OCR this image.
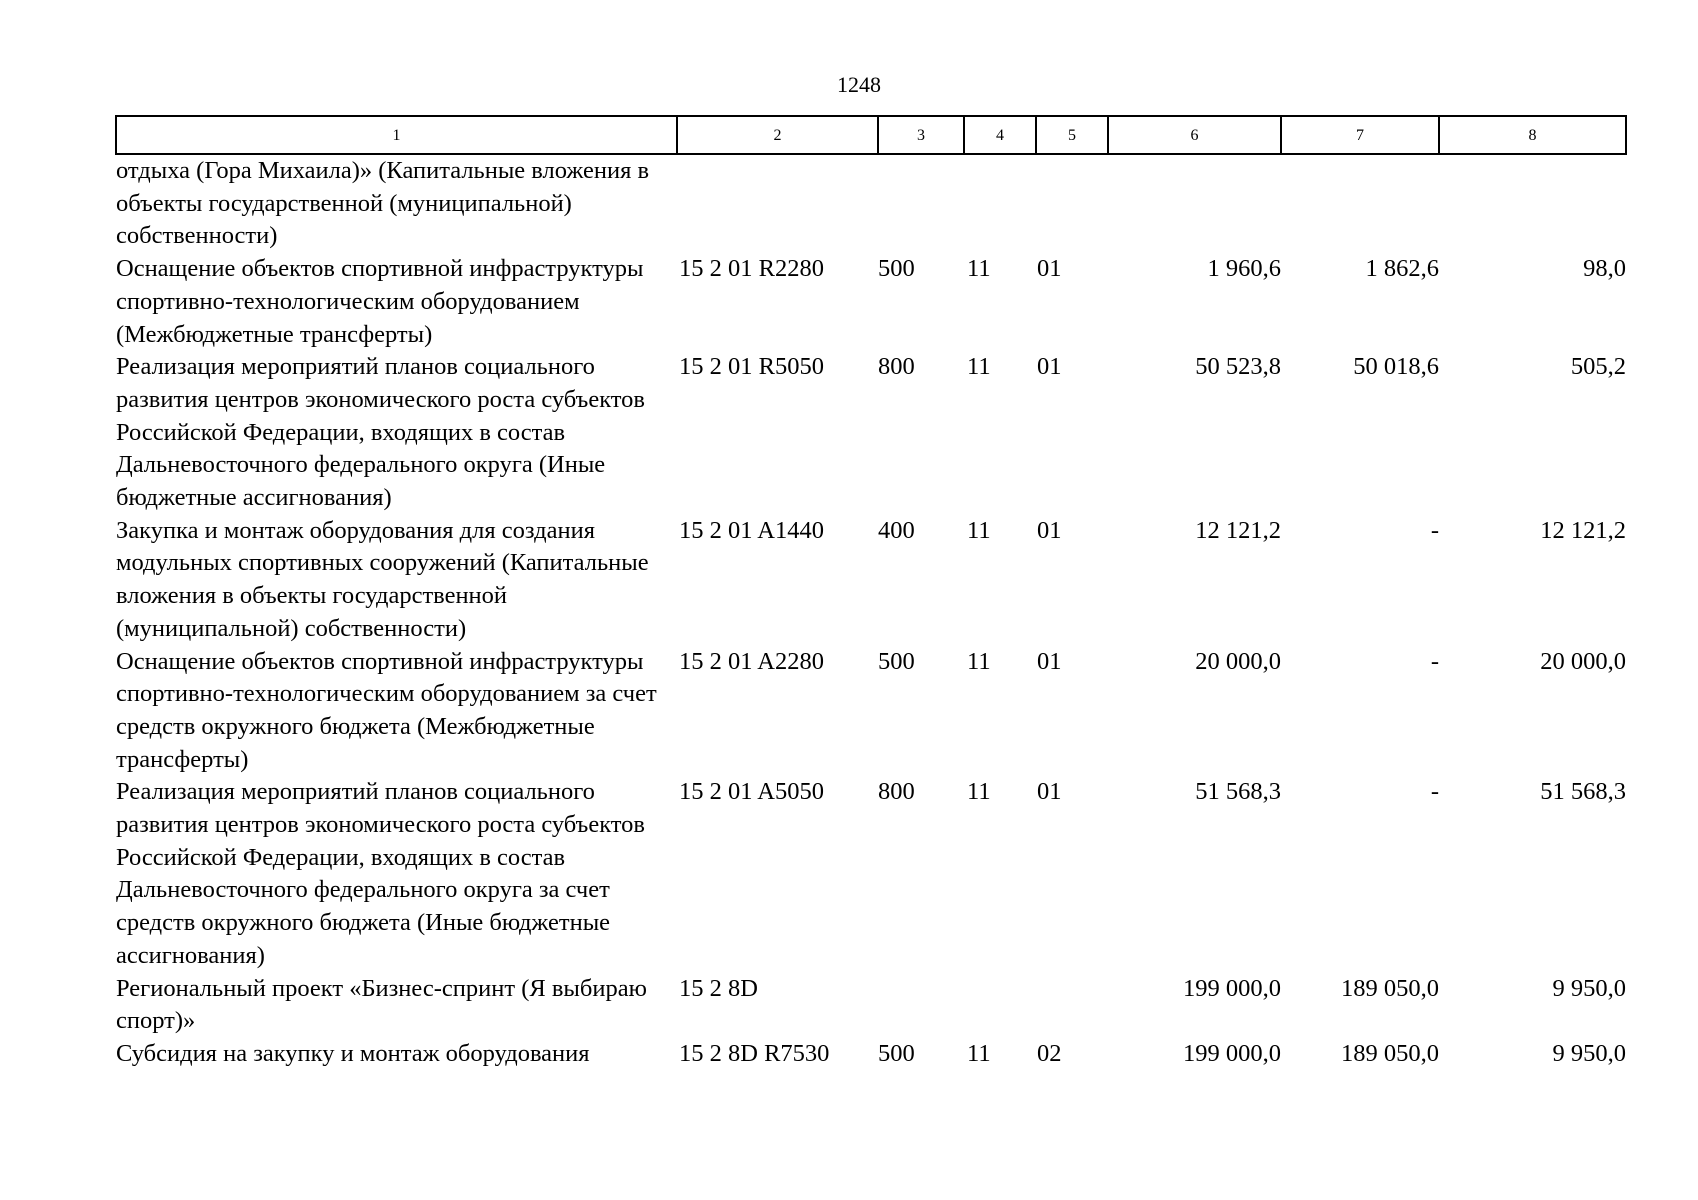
1248
1	2	3	4	5	6	7	8
отдыха (Гора Михаила)» (Капитальные вложения в объекты государственной (муниципальной) собственности)							
Оснащение объектов спортивной инфраструктуры спортивно-технологическим оборудованием (Межбюджетные трансферты)	15 2 01 R2280	500	11	01	1 960,6	1 862,6	98,0
Реализация мероприятий планов социального развития центров экономического роста субъектов Российской Федерации, входящих в состав Дальневосточного федерального округа (Иные бюджетные ассигнования)	15 2 01 R5050	800	11	01	50 523,8	50 018,6	505,2
Закупка и монтаж оборудования для создания модульных спортивных сооружений (Капитальные вложения в объекты государственной (муниципальной) собственности)	15 2 01 A1440	400	11	01	12 121,2	-	12 121,2
Оснащение объектов спортивной инфраструктуры спортивно-технологическим оборудованием за счет средств окружного бюджета (Межбюджетные трансферты)	15 2 01 A2280	500	11	01	20 000,0	-	20 000,0
Реализация мероприятий планов социального развития центров экономического роста субъектов Российской Федерации, входящих в состав Дальневосточного федерального округа за счет средств окружного бюджета (Иные бюджетные ассигнования)	15 2 01 A5050	800	11	01	51 568,3	-	51 568,3
Региональный проект «Бизнес-спринт (Я выбираю спорт)»	15 2 8D				199 000,0	189 050,0	9 950,0
Субсидия на закупку и монтаж оборудования	15 2 8D R7530	500	11	02	199 000,0	189 050,0	9 950,0
